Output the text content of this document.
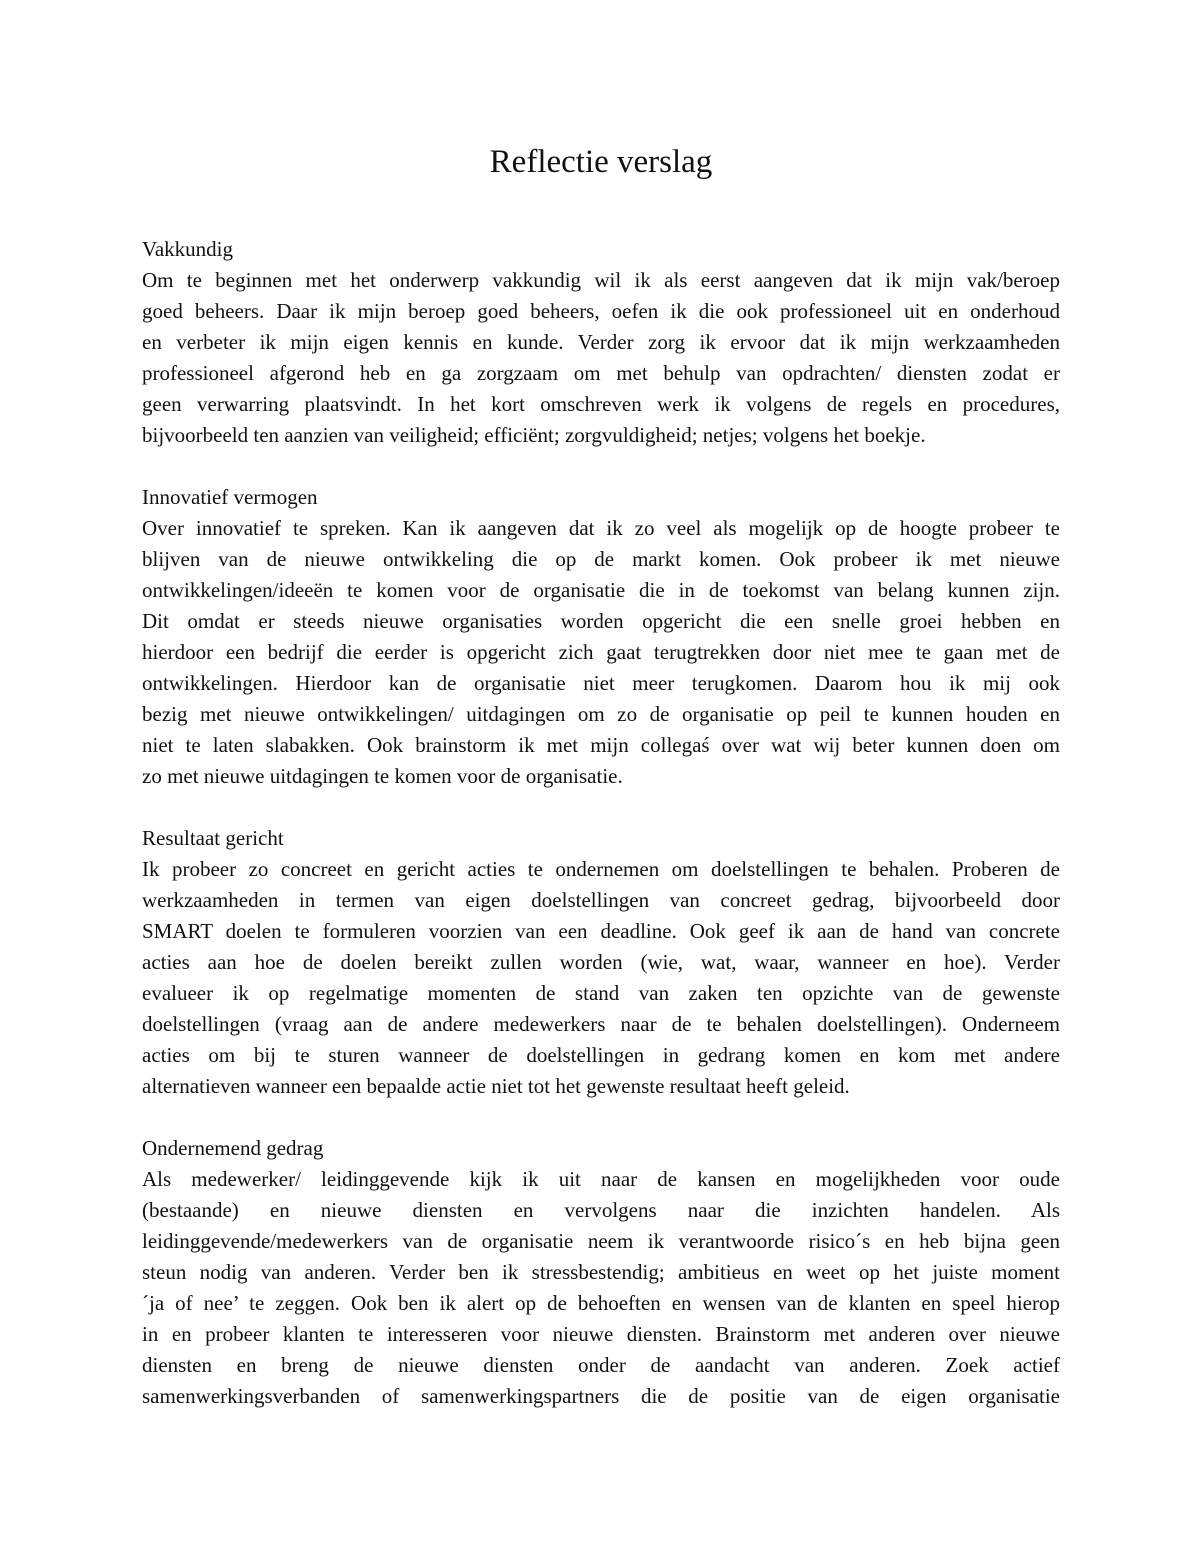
Reflectie verslag

Vakkundig

Om te beginnen met het onderwerp vakkundig wil ik als eerst aangeven dat ik mijn vak/beroep
goed beheers. Daar ik mijn beroep goed beheers, oefen ik die ook professioneel uit en onderhoud
en verbeter ik mijn eigen kennis en kunde. Verder zorg ik ervoor dat ik mijn werkzaamheden
professioneel afgerond heb en ga zorgzaam om met behulp van opdrachten/ diensten zodat er
geen verwarring plaatsvindt. In het kort omschreven werk ik volgens de regels en procedures,
bijvoorbeeld ten aanzien van veiligheid; efficiënt; zorgvuldigheid; netjes; volgens het boekje.

Innovatief vermogen

Over innovatief te spreken. Kan ik aangeven dat ik zo veel als mogelijk op de hoogte probeer te
blijven van de nieuwe ontwikkeling die op de markt komen. Ook probeer ik met nieuwe
ontwikkelingen/ideeën te komen voor de organisatie die in de toekomst van belang kunnen zijn.
Dit omdat er steeds nieuwe organisaties worden opgericht die een snelle groei hebben en
hierdoor een bedrijf die eerder is opgericht zich gaat terugtrekken door niet mee te gaan met de
ontwikkelingen. Hierdoor kan de organisatie niet meer terugkomen. Daarom hou ik mij ook
bezig met nieuwe ontwikkelingen/ uitdagingen om zo de organisatie op peil te kunnen houden en
niet te laten slabakken. Ook brainstorm ik met mijn collegaś over wat wij beter kunnen doen om
zo met nieuwe uitdagingen te komen voor de organisatie.

Resultaat gericht

Ik probeer zo concreet en gericht acties te ondernemen om doelstellingen te behalen. Proberen de
werkzaamheden in termen van eigen doelstellingen van concreet gedrag, bijvoorbeeld door
SMART doelen te formuleren voorzien van een deadline. Ook geef ik aan de hand van concrete
acties aan hoe de doelen bereikt zullen worden (wie, wat, waar, wanneer en hoe). Verder
evalueer ik op regelmatige momenten de stand van zaken ten opzichte van de gewenste
doelstellingen (vraag aan de andere medewerkers naar de te behalen doelstellingen). Onderneem
acties om bij te sturen wanneer de doelstellingen in gedrang komen en kom met andere
alternatieven wanneer een bepaalde actie niet tot het gewenste resultaat heeft geleid.

Ondernemend gedrag

Als medewerker/ leidinggevende kijk ik uit naar de kansen en mogelijkheden voor oude
(bestaande) en nieuwe diensten en vervolgens naar die inzichten handelen. Als
leidinggevende/medewerkers van de organisatie neem ik verantwoorde risico´s en heb bijna geen
steun nodig van anderen. Verder ben ik stressbestendig; ambitieus en weet op het juiste moment
´ja of nee’ te zeggen. Ook ben ik alert op de behoeften en wensen van de klanten en speel hierop
in en probeer klanten te interesseren voor nieuwe diensten. Brainstorm met anderen over nieuwe
diensten en breng de nieuwe diensten onder de aandacht van anderen. Zoek actief
samenwerkingsverbanden of samenwerkingspartners die de positie van de eigen organisatie
